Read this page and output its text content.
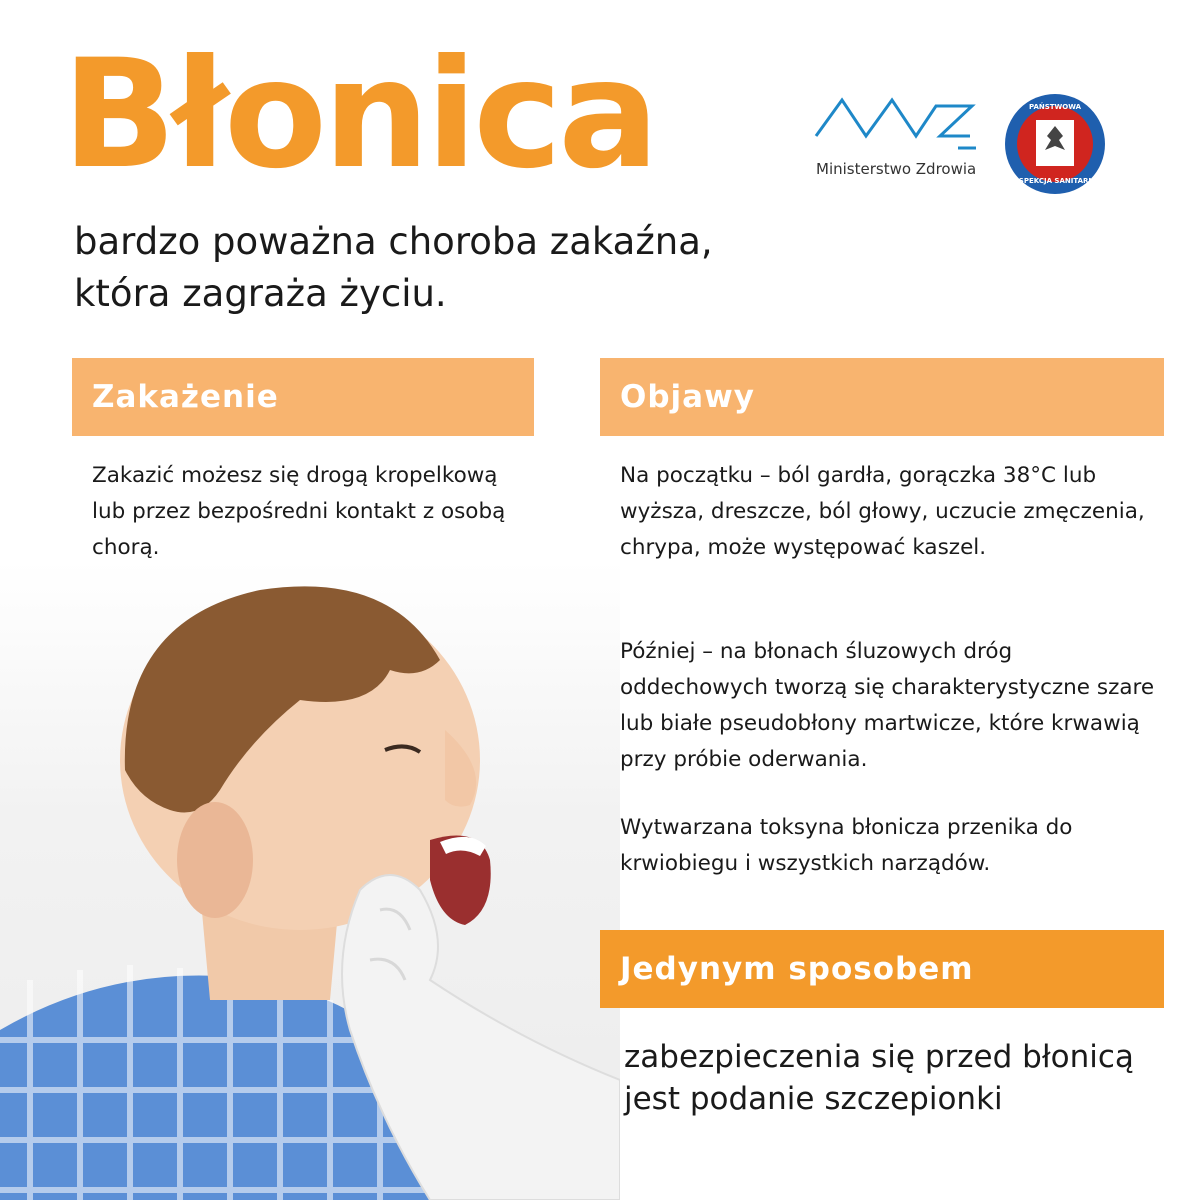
Błonica
bardzo poważna choroba zakaźna, która zagraża życiu.
Ministerstwo Zdrowia
PAŃSTWOWA
INSPEKCJA SANITARNA
Zakażenie
Zakazić możesz się drogą kropelkową lub przez bezpośredni kontakt z osobą chorą.
Objawy
Na początku – ból gardła, gorączka 38°C lub wyższa, dreszcze, ból głowy, uczucie zmęczenia, chrypa, może występować kaszel.
Później – na błonach śluzowych dróg oddechowych tworzą się charakterystyczne szare lub białe pseudobłony martwicze, które krwawią przy próbie oderwania.
Wytwarzana toksyna błonicza przenika do krwiobiegu i wszystkich narządów.
Jedynym sposobem
zabezpieczenia się przed błonicą jest podanie szczepionki
